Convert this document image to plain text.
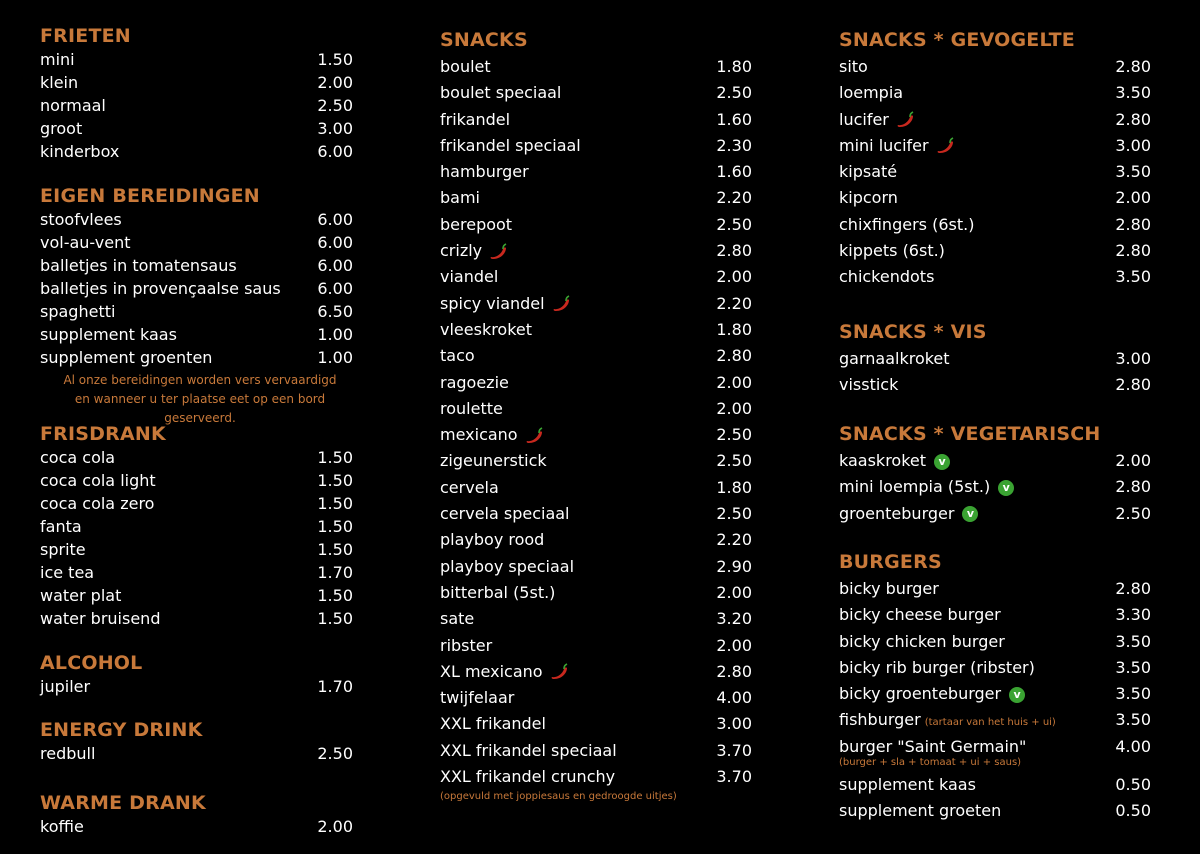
FRIETEN
mini	1.50
klein	2.00
normaal	2.50
groot	3.00
kinderbox	6.00
EIGEN BEREIDINGEN
stoofvlees	6.00
vol-au-vent	6.00
balletjes in tomatensaus	6.00
balletjes in provençaalse saus 6.00
spaghetti	6.50
supplement kaas	1.00
supplement groenten	1.00
Al onze bereidingen worden vers vervaardigd
en wanneer u ter plaatse eet op een bord geserveerd.
FRISDRANK
coca cola	1.50
coca cola light	1.50
coca cola zero	1.50
fanta	1.50
sprite	1.50
ice tea	1.70
water plat	1.50
water bruisend	1.50
ALCOHOL
jupiler	1.70
ENERGY DRINK
redbull	2.50
WARME DRANK
koffie	2.00
SNACKS
boulet	1.80
boulet speciaal	2.50
frikandel	1.60
frikandel speciaal	2.30
hamburger	1.60
bami	2.20
berepoot	2.50
crizly	2.80
viandel	2.00
spicy viandel	2.20
vleeskroket	1.80
taco	2.80
ragoezie	2.00
roulette	2.00
mexicano	2.50
zigeunerstick	2.50
cervela	1.80
cervela speciaal	2.50
playboy rood	2.20
playboy speciaal	2.90
bitterbal (5st.)	2.00
sate	3.20
ribster	2.00
XL mexicano	2.80
twijfelaar	4.00
XXL frikandel	3.00
XXL frikandel speciaal	3.70
XXL frikandel crunchy	3.70
(opgevuld met joppiesaus en gedroogde uitjes)
SNACKS * GEVOGELTE
sito	2.80
loempia	3.50
lucifer	2.80
mini lucifer	3.00
kipsaté	3.50
kipcorn	2.00
chixfingers (6st.)	2.80
kippets (6st.)	2.80
chickendots	3.50
SNACKS * VIS
garnaalkroket	3.00
visstick	2.80
SNACKS * VEGETARISCH
kaaskroket v	2.00
mini loempia (5st.) v	2.80
groenteburger v	2.50
BURGERS
bicky burger	2.80
bicky cheese burger	3.30
bicky chicken burger	3.50
bicky rib burger (ribster)	3.50
bicky groenteburger v	3.50
fishburger (tartaar van het huis + ui)	3.50
burger "Saint Germain"	4.00
(burger + sla + tomaat + ui + saus)
supplement kaas	0.50
supplement groeten	0.50
